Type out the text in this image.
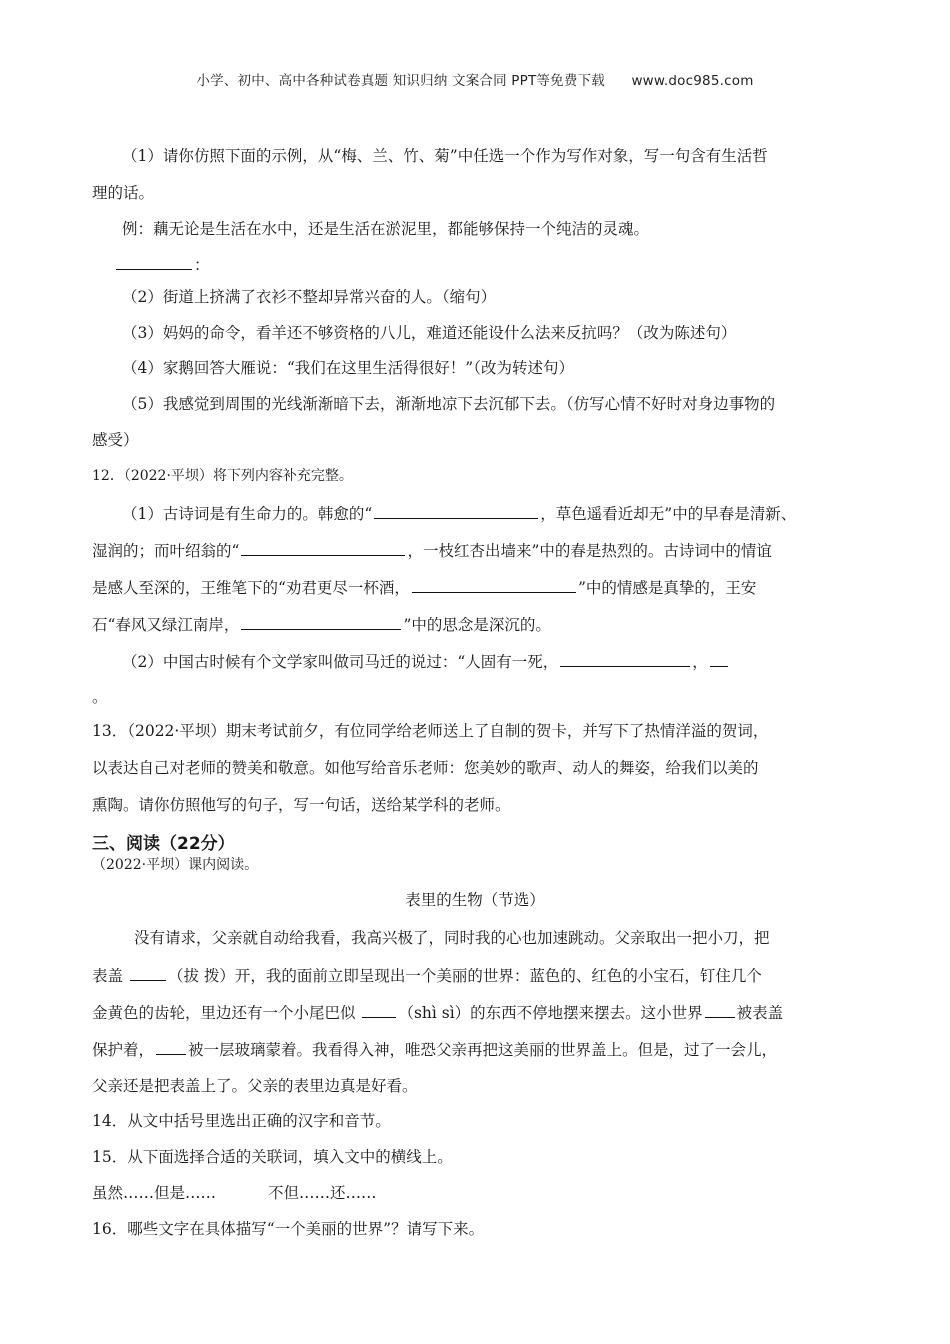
小学、初中、高中各种试卷真题 知识归纳 文案合同 PPT等免费下载 www.doc985.com
（1）请你仿照下面的示例，从“梅、兰、竹、菊”中任选一个作为写作对象，写一句含有生活哲
理的话。
例：藕无论是生活在水中，还是生活在淤泥里，都能够保持一个纯洁的灵魂。
：
（2）街道上挤满了衣衫不整却异常兴奋的人。（缩句）
（3）妈妈的命令，看羊还不够资格的八儿，难道还能设什么法来反抗吗？（改为陈述句）
（4）家鹅回答大雁说：“我们在这里生活得很好！”（改为转述句）
（5）我感觉到周围的光线渐渐暗下去，渐渐地凉下去沉郁下去。（仿写心情不好时对身边事物的
感受）
12．（2022·平坝）将下列内容补充完整。
（1）古诗词是有生命力的。韩愈的“	，草色遥看近却无”中的早春是清新、
湿润的；而叶绍翁的“	，一枝红杏出墙来”中的春是热烈的。古诗词中的情谊
是感人至深的，王维笔下的“劝君更尽一杯酒，	”中的情感是真挚的，王安
石“春风又绿江南岸，	”中的思念是深沉的。
（2）中国古时候有个文学家叫做司马迁的说过：“人固有一死，	，
。
13．（2022·平坝）期末考试前夕，有位同学给老师送上了自制的贺卡，并写下了热情洋溢的贺词，
以表达自己对老师的赞美和敬意。如他写给音乐老师：您美妙的歌声、动人的舞姿，给我们以美的
熏陶。请你仿照他写的句子，写一句话，送给某学科的老师。
三、阅读（22分）
（2022·平坝）课内阅读。
表里的生物（节选）
没有请求，父亲就自动给我看，我高兴极了，同时我的心也加速跳动。父亲取出一把小刀，把
表盖	（拔 拨）开，我的面前立即呈现出一个美丽的世界：蓝色的、红色的小宝石，钉住几个
金黄色的齿轮，里边还有一个小尾巴似 （shì sì）的东西不停地摆来摆去。这小世界 被表盖
保护着， 被一层玻璃蒙着。我看得入神，唯恐父亲再把这美丽的世界盖上。但是，过了一会儿，
父亲还是把表盖上了。父亲的表里边真是好看。
14．从文中括号里选出正确的汉字和音节。
15．从下面选择合适的关联词，填入文中的横线上。
虽然……但是……	不但……还……
16．哪些文字在具体描写“一个美丽的世界”？请写下来。
